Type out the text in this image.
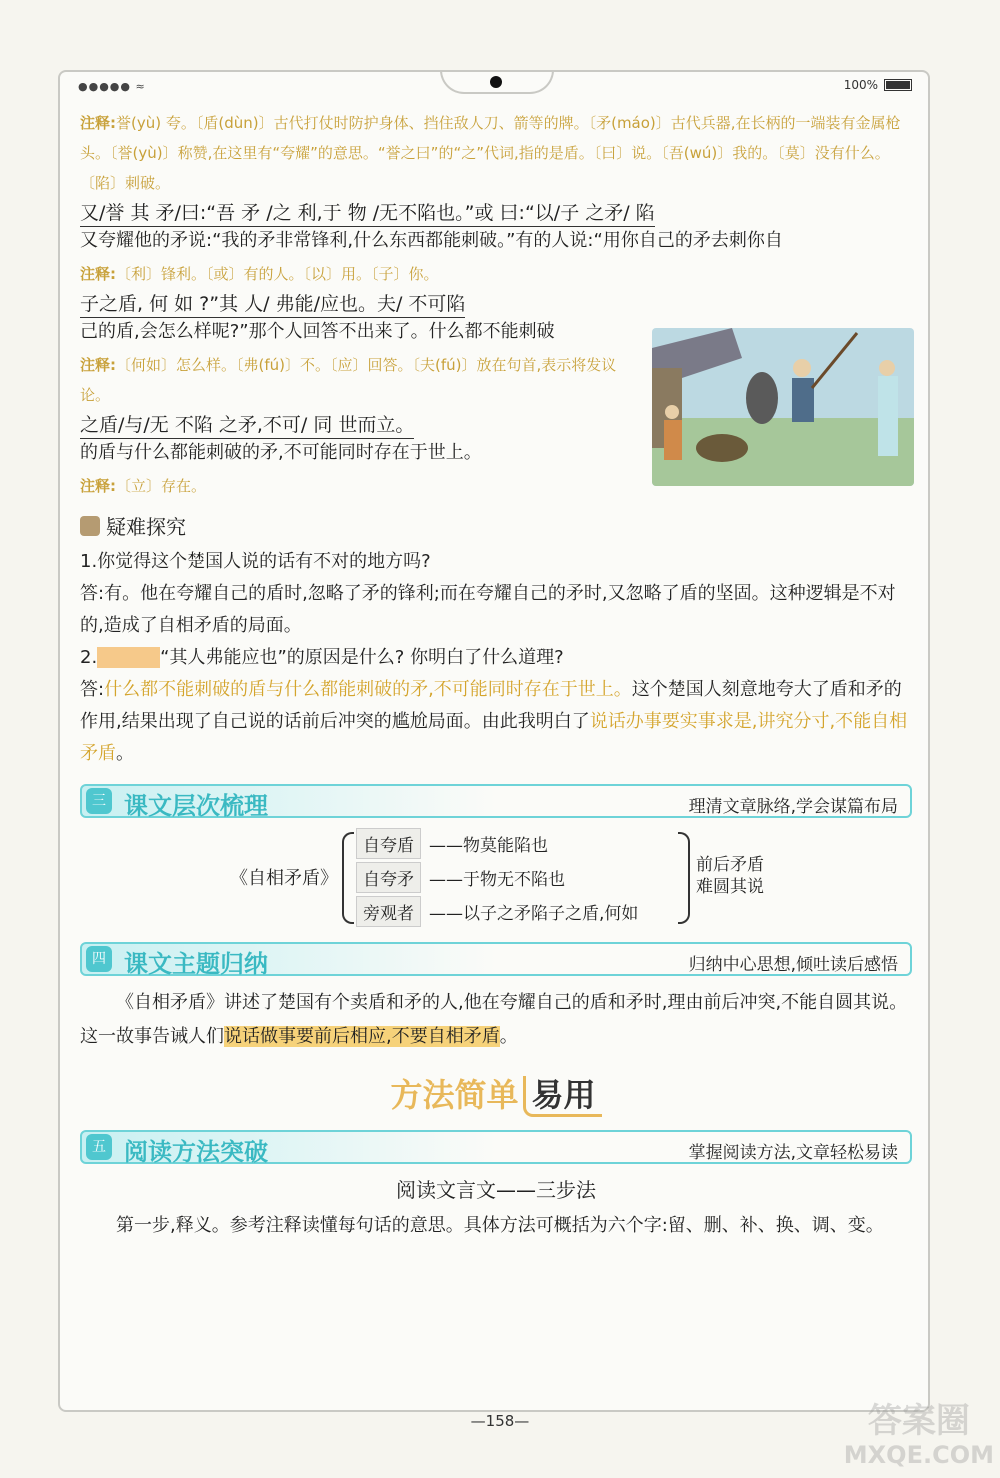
●●●●● ≈	100%

注释:誉(yù) 夸。〔盾(dùn)〕古代打仗时防护身体、挡住敌人刀、箭等的牌。〔矛(máo)〕古代兵器,在长柄的一端装有金属枪头。〔誉(yù)〕称赞,在这里有“夸耀”的意思。“誉之曰”的“之”代词,指的是盾。〔曰〕说。〔吾(wú)〕我的。〔莫〕没有什么。〔陷〕刺破。

又/誉 其 矛/曰:“吾 矛 /之 利,于 物 /无不陷也。”或 曰:“以/子 之矛/ 陷

又夸耀他的矛说:“我的矛非常锋利,什么东西都能刺破。”有的人说:“用你自己的矛去刺你自

注释:〔利〕锋利。〔或〕有的人。〔以〕用。〔子〕你。

子之盾, 何 如 ?”其 人/ 弗能/应也。夫/ 不可陷

己的盾,会怎么样呢?”那个人回答不出来了。什么都不能刺破

注释:〔何如〕怎么样。〔弗(fú)〕不。〔应〕回答。〔夫(fú)〕放在句首,表示将发议论。

之盾/与/无 不陷 之矛,不可/ 同 世而立。

的盾与什么都能刺破的矛,不可能同时存在于世上。

注释:〔立〕存在。

疑难探究

1.你觉得这个楚国人说的话有不对的地方吗?

答:有。他在夸耀自己的盾时,忽略了矛的锋利;而在夸耀自己的矛时,又忽略了盾的坚固。这种逻辑是不对的,造成了自相矛盾的局面。

2.	“其人弗能应也”的原因是什么? 你明白了什么道理?

答:什么都不能刺破的盾与什么都能刺破的矛,不可能同时存在于世上。这个楚国人刻意地夸大了盾和矛的作用,结果出现了自己说的话前后冲突的尴尬局面。由此我明白了说话办事要实事求是,讲究分寸,不能自相矛盾。

三 课文层次梳理	理清文章脉络,学会谋篇布局
《自相矛盾》
自夸盾 ——物莫能陷也
自夸矛 ——于物无不陷也
旁观者 ——以子之矛陷子之盾,何如
前后矛盾
难圆其说
四 课文主题归纳	归纳中心思想,倾吐读后感悟

《自相矛盾》讲述了楚国有个卖盾和矛的人,他在夸耀自己的盾和矛时,理由前后冲突,不能自圆其说。这一故事告诫人们说话做事要前后相应,不要自相矛盾。

方法简单 易用
五 阅读方法突破	掌握阅读方法,文章轻松易读
阅读文言文——三步法

第一步,释义。参考注释读懂每句话的意思。具体方法可概括为六个字:留、删、补、换、调、变。

—158—	答案圈
MXQE.COM
